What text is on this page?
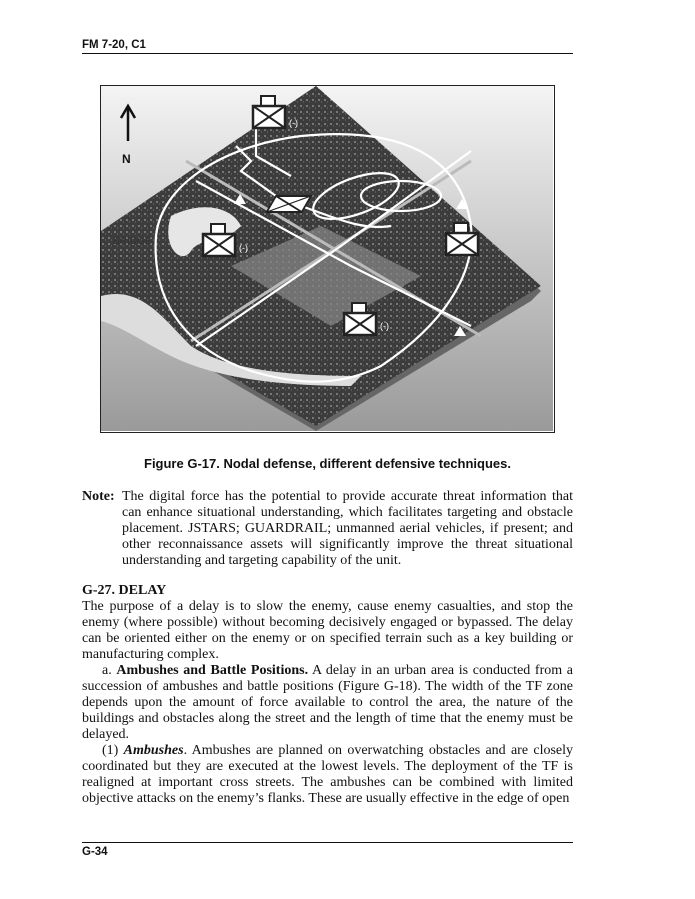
FM 7-20, C1
N
BRIDGE
(-)
(-)
(-)
Figure G-17. Nodal defense, different defensive techniques.
Note: The digital force has the potential to provide accurate threat information that can enhance situational understanding, which facilitates targeting and obstacle placement. JSTARS; GUARDRAIL; unmanned aerial vehicles, if present; and other reconnaissance assets will significantly improve the threat situational understanding and targeting capability of the unit.

G-27. DELAY

The purpose of a delay is to slow the enemy, cause enemy casualties, and stop the enemy (where possible) without becoming decisively engaged or bypassed. The delay can be oriented either on the enemy or on specified terrain such as a key building or manufacturing complex.

a. Ambushes and Battle Positions. A delay in an urban area is conducted from a succession of ambushes and battle positions (Figure G-18). The width of the TF zone depends upon the amount of force available to control the area, the nature of the buildings and obstacles along the street and the length of time that the enemy must be delayed.

(1) Ambushes. Ambushes are planned on overwatching obstacles and are closely coordinated but they are executed at the lowest levels. The deployment of the TF is realigned at important cross streets. The ambushes can be combined with limited objective attacks on the enemy’s flanks. These are usually effective in the edge of open

G-34
